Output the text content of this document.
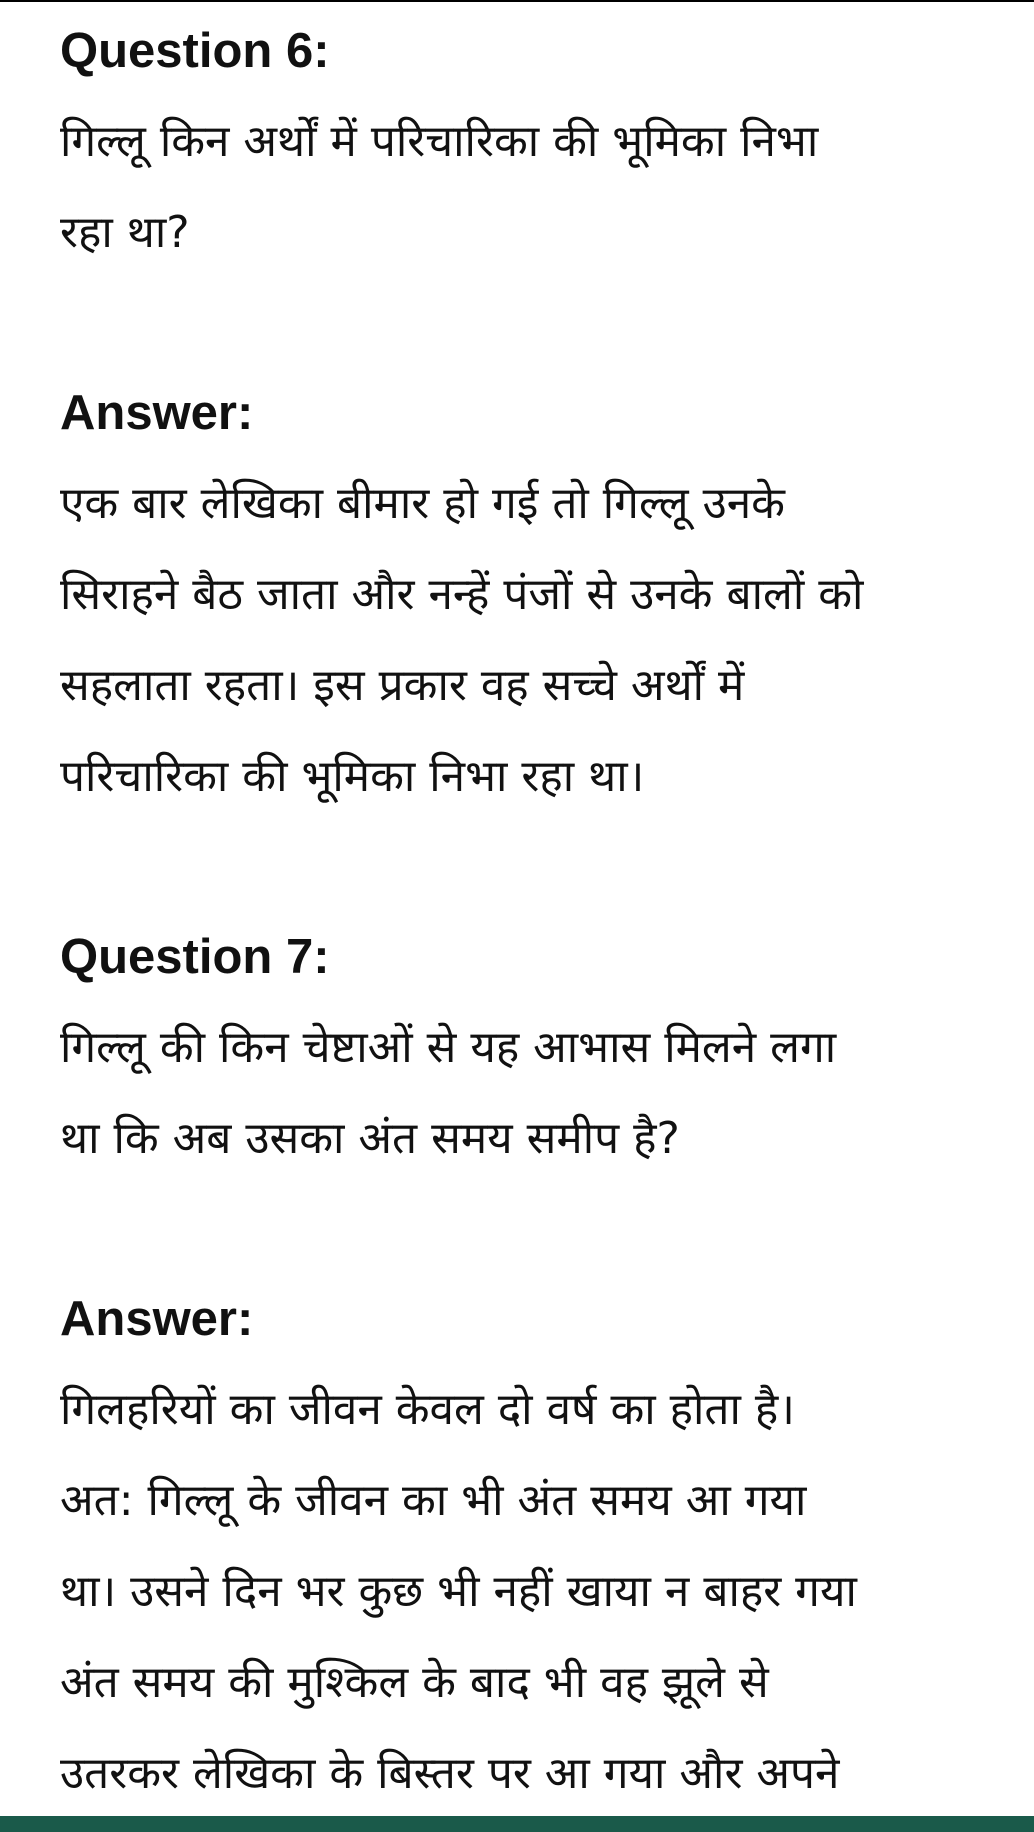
Question 6:

गिल्लू किन अर्थों में परिचारिका की भूमिका निभा
रहा था?

Answer:

एक बार लेखिका बीमार हो गई तो गिल्लू उनके
सिराहने बैठ जाता और नन्हें पंजों से उनके बालों को
सहलाता रहता। इस प्रकार वह सच्चे अर्थों में
परिचारिका की भूमिका निभा रहा था।

Question 7:

गिल्लू की किन चेष्टाओं से यह आभास मिलने लगा
था कि अब उसका अंत समय समीप है?

Answer:

गिलहरियों का जीवन केवल दो वर्ष का होता है।
अत: गिल्लू के जीवन का भी अंत समय आ गया
था। उसने दिन भर कुछ भी नहीं खाया न बाहर गया
अंत समय की मुश्किल के बाद भी वह झूले से
उतरकर लेखिका के बिस्तर पर आ गया और अपने
